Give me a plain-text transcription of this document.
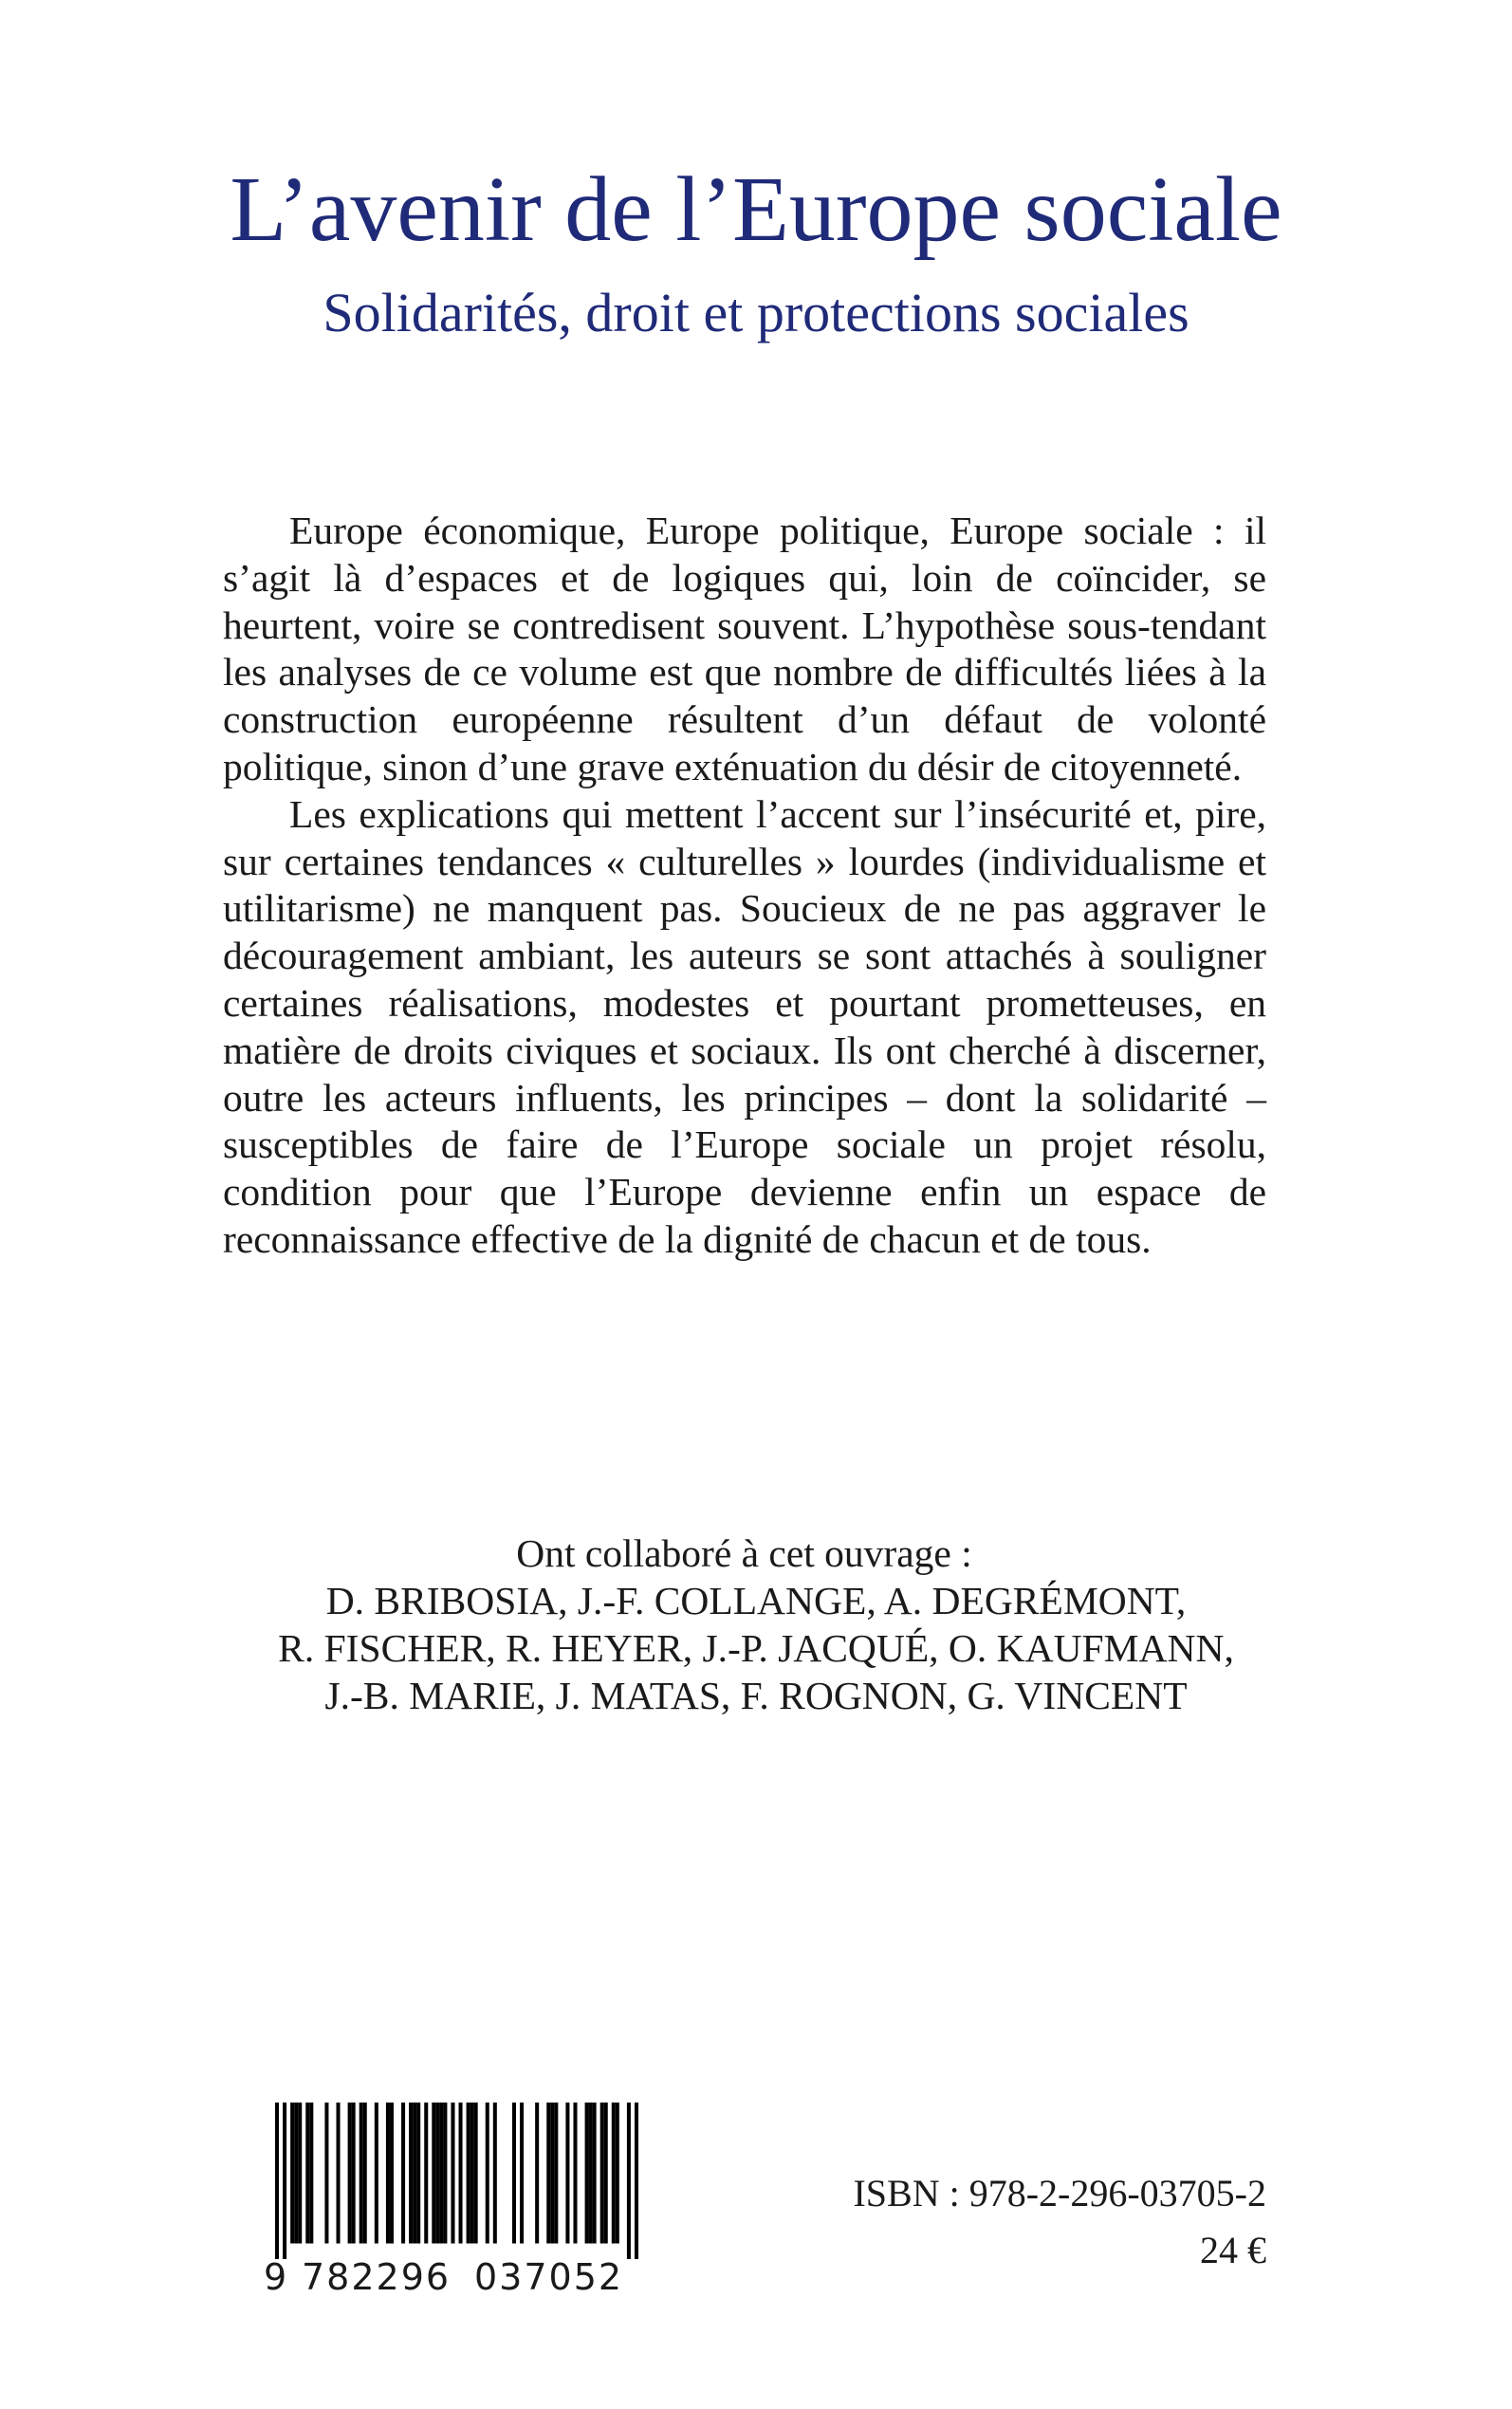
L’avenir de l’Europe sociale
Solidarités, droit et protections sociales

Europe économique, Europe politique, Europe sociale : il s’agit là d’espaces et de logiques qui, loin de coïncider, se heurtent, voire se contredisent souvent. L’hypothèse sous-tendant les analyses de ce volume est que nombre de difficultés liées à la construction européenne résultent d’un défaut de volonté politique, sinon d’une grave exténuation du désir de citoyenneté.

Les explications qui mettent l’accent sur l’insécurité et, pire, sur certaines tendances « culturelles » lourdes (individualisme et utilitarisme) ne manquent pas. Soucieux de ne pas aggraver le découragement ambiant, les auteurs se sont attachés à souligner certaines réalisations, modestes et pourtant prometteuses, en matière de droits civiques et sociaux. Ils ont cherché à discerner, outre les acteurs influents, les principes – dont la solidarité – susceptibles de faire de l’Europe sociale un projet résolu, condition pour que l’Europe devienne enfin un espace de reconnaissance effective de la dignité de chacun et de tous.

Ont collaboré à cet ouvrage :
D. BRIBOSIA, J.-F. COLLANGE, A. DEGRÉMONT,
R. FISCHER, R. HEYER, J.-P. JACQUÉ, O. KAUFMANN,
J.-B. MARIE, J. MATAS, F. ROGNON, G. VINCENT
9 782296 037052
ISBN : 978-2-296-03705-2
24 €
